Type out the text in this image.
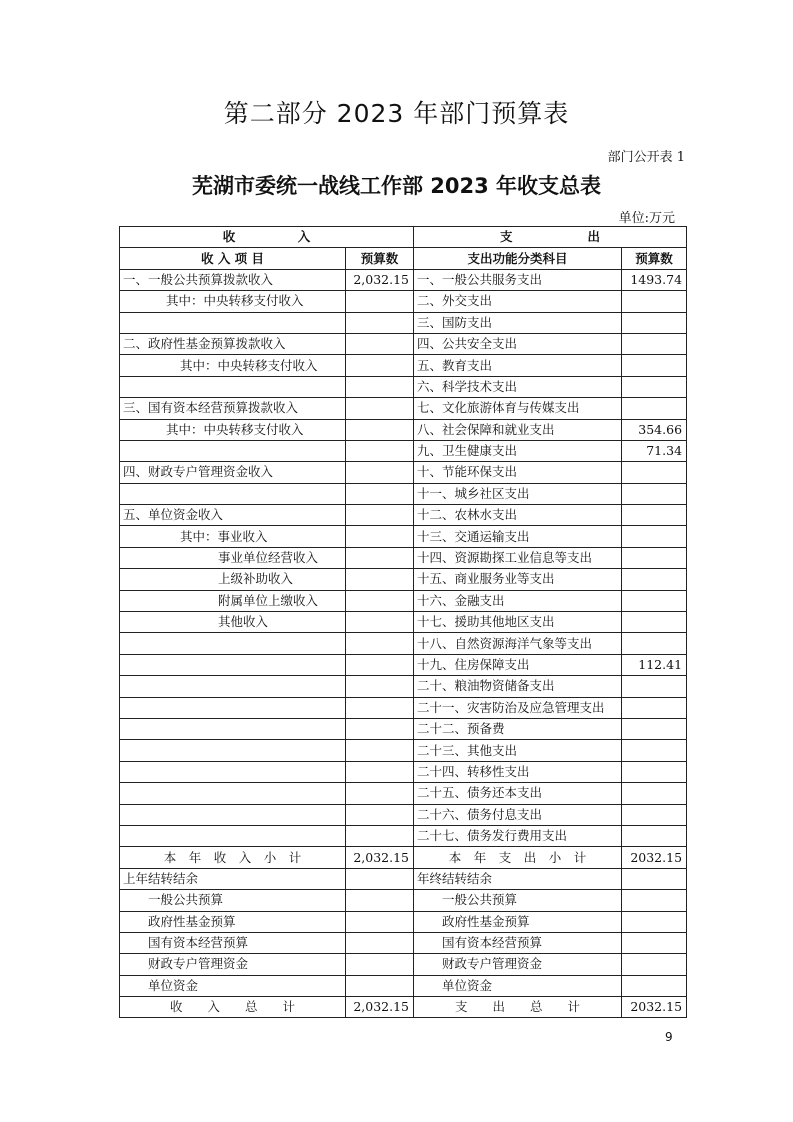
第二部分 2023 年部门预算表
部门公开表 1
芜湖市委统一战线工作部 2023 年收支总表
单位:万元
收　　　　　入		支　　　　　　出	
收 入 项 目	预算数	支出功能分类科目	预算数
一、一般公共预算拨款收入	2,032.15	一、一般公共服务支出	1493.74
其中：中央转移支付收入		二、外交支出	
		三、国防支出	
二、政府性基金预算拨款收入		四、公共安全支出	
其中：中央转移支付收入		五、教育支出	
		六、科学技术支出	
三、国有资本经营预算拨款收入		七、文化旅游体育与传媒支出	
其中：中央转移支付收入		八、社会保障和就业支出	354.66
		九、卫生健康支出	71.34
四、财政专户管理资金收入		十、节能环保支出	
		十一、城乡社区支出	
五、单位资金收入		十二、农林水支出	
其中：事业收入		十三、交通运输支出	
事业单位经营收入		十四、资源勘探工业信息等支出	
上级补助收入		十五、商业服务业等支出	
附属单位上缴收入		十六、金融支出	
其他收入		十七、援助其他地区支出	
		十八、自然资源海洋气象等支出	
		十九、住房保障支出	112.41
		二十、粮油物资储备支出	
		二十一、灾害防治及应急管理支出	
		二十二、预备费	
		二十三、其他支出	
		二十四、转移性支出	
		二十五、债务还本支出	
		二十六、债务付息支出	
		二十七、债务发行费用支出	
本　年　收　入　小　计	2,032.15	本　年　支　出　小　计	2032.15
上年结转结余		年终结转结余	
一般公共预算		一般公共预算	
政府性基金预算		政府性基金预算	
国有资本经营预算		国有资本经营预算	
财政专户管理资金		财政专户管理资金	
单位资金		单位资金	
收　　入　　总　　计	2,032.15	支　　出　　总　　计	2032.15
9
